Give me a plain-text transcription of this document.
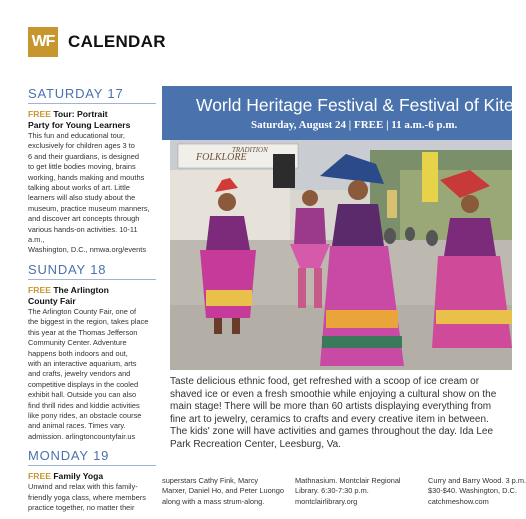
WF CALENDAR
SATURDAY 17
FREE Tour: Portrait
Party for Young Learners
This fun and educational tour,
exclusively for children ages 3 to
6 and their guardians, is designed
to get little bodies moving, brains
working, hands making and mouths
talking about works of art. Little
learners will also study about the
museum, practice museum manners,
and discover art concepts through
various hands-on activities. 10-11 a.m.,
Washington, D.C., nmwa.org/events
SUNDAY 18
FREE The Arlington
County Fair
The Arlington County Fair, one of
the biggest in the region, takes place
this year at the Thomas Jefferson
Community Center. Adventure
happens both indoors and out,
with an interactive aquarium, arts
and crafts, jewelry vendors and
competitive displays in the cooled
exhibit hall. Outside you can also
find thrill rides and kiddie activities
like pony rides, an obstacle course
and animal races. Times vary.
admission. arlingtoncountyfair.us
MONDAY 19
FREE Family Yoga
Unwind and relax with this family-
friendly yoga class, where members
practice together, no matter their
World Heritage Festival & Festival of Kites
Saturday, August 24 | FREE | 11 a.m.-6 p.m.
FOLKLORE
TRADITION
Taste delicious ethnic food, get refreshed with a scoop of ice cream or
shaved ice or even a fresh smoothie while enjoying a cultural show on the
main stage! There will be more than 60 artists displaying everything from
fine art to jewelry, ceramics to crafts and every creative item in between.
The kids' zone will have activities and games throughout the day. Ida Lee
Park Recreation Center, Leesburg, Va.
superstars Cathy Fink, Marcy
Marxer, Daniel Ho, and Peter Luongo
along with a mass strum-along.
Mathnasium. Montclair Regional
Library. 6:30-7:30 p.m.
montclairlibrary.org
Curry and Barry Wood. 3 p.m.
$30-$40. Washington, D.C.
catchmeshow.com
